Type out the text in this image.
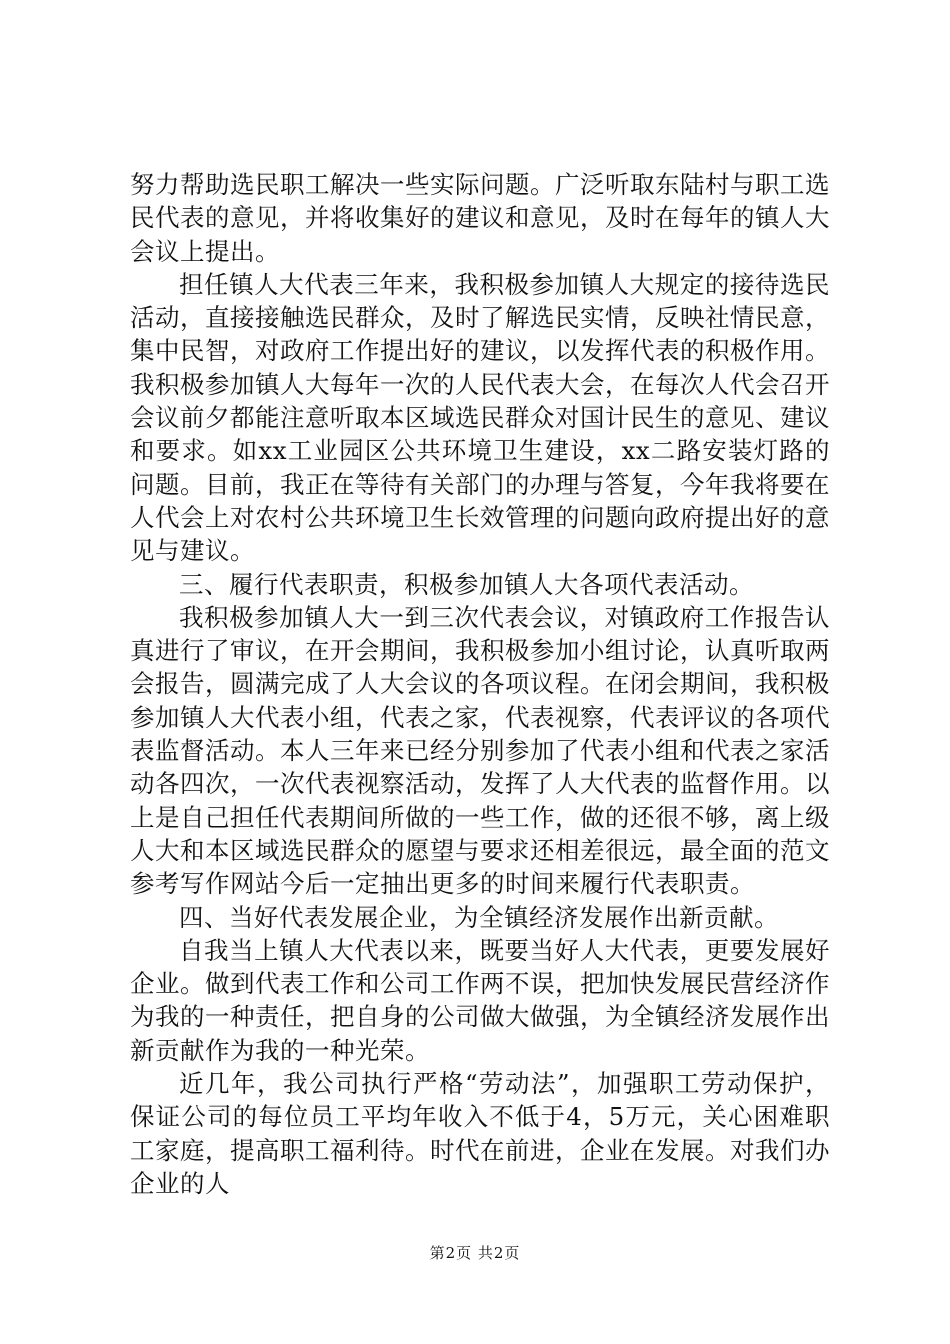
努力帮助选民职工解决一些实际问题。广泛听取东陆村与职工选民代表的意见，并将收集好的建议和意见，及时在每年的镇人大会议上提出。

担任镇人大代表三年来，我积极参加镇人大规定的接待选民活动，直接接触选民群众，及时了解选民实情，反映社情民意，集中民智，对政府工作提出好的建议，以发挥代表的积极作用。我积极参加镇人大每年一次的人民代表大会，在每次人代会召开会议前夕都能注意听取本区域选民群众对国计民生的意见、建议和要求。如xx工业园区公共环境卫生建设，xx二路安装灯路的问题。目前，我正在等待有关部门的办理与答复，今年我将要在人代会上对农村公共环境卫生长效管理的问题向政府提出好的意见与建议。

三、履行代表职责，积极参加镇人大各项代表活动。

我积极参加镇人大一到三次代表会议，对镇政府工作报告认真进行了审议，在开会期间，我积极参加小组讨论，认真听取两会报告，圆满完成了人大会议的各项议程。在闭会期间，我积极参加镇人大代表小组，代表之家，代表视察，代表评议的各项代表监督活动。本人三年来已经分别参加了代表小组和代表之家活动各四次，一次代表视察活动，发挥了人大代表的监督作用。以上是自己担任代表期间所做的一些工作，做的还很不够，离上级人大和本区域选民群众的愿望与要求还相差很远，最全面的范文参考写作网站今后一定抽出更多的时间来履行代表职责。

四、当好代表发展企业，为全镇经济发展作出新贡献。

自我当上镇人大代表以来，既要当好人大代表，更要发展好企业。做到代表工作和公司工作两不误，把加快发展民营经济作为我的一种责任，把自身的公司做大做强，为全镇经济发展作出新贡献作为我的一种光荣。

近几年，我公司执行严格“劳动法”，加强职工劳动保护，保证公司的每位员工平均年收入不低于4，5万元，关心困难职工家庭，提高职工福利待。时代在前进，企业在发展。对我们办企业的人

第2页 共2页
